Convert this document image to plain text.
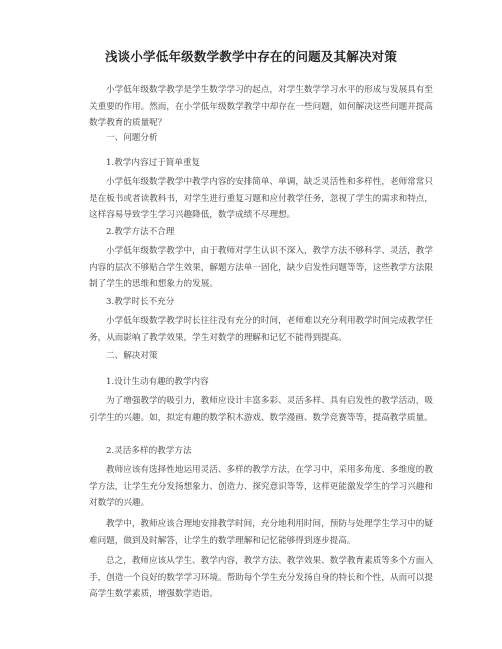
浅谈小学低年级数学教学中存在的问题及其解决对策

小学低年级数学教学是学生数学学习的起点，对学生数学学习水平的形成与发展具有至关重要的作用。然而，在小学低年级数学教学中却存在一些问题，如何解决这些问题并提高数学教育的质量呢？

一、问题分析

1.教学内容过于简单重复

小学低年级数学教学中教学内容的安排简单、单调，缺乏灵活性和多样性，老师常常只是在板书或者读教科书，对学生进行重复习题和应付教学任务，忽视了学生的需求和特点，这样容易导致学生学习兴趣降低，数学成绩不尽理想。

2.教学方法不合理

小学低年级数学教学中，由于教师对学生认识不深入，教学方法不够科学、灵活，教学内容的层次不够贴合学生效果，解题方法单一固化，缺少启发性问题等等，这些教学方法限制了学生的思维和想象力的发展。

3.教学时长不充分

小学低年级数学教学时长往往没有充分的时间，老师难以充分利用教学时间完成教学任务，从而影响了教学效果，学生对数学的理解和记忆不能得到提高。

二、解决对策

1.设计生动有趣的教学内容

为了增强教学的吸引力，教师应设计丰富多彩、灵活多样、具有启发性的教学活动，吸引学生的兴趣。如，拟定有趣的数学积木游戏、数学漫画、数学竞赛等等，提高教学质量。

2.灵活多样的教学方法

教师应该有选择性地运用灵活、多样的教学方法，在学习中，采用多角度、多维度的教学方法，让学生充分发扬想象力、创造力、探究意识等等，这样更能激发学生的学习兴趣和对数学的兴趣。

教学中，教师应该合理地安排教学时间，充分地利用时间，预防与处理学生学习中的疑难问题，做到及时解答，让学生的数学理解和记忆能够得到逐步提高。

总之，教师应该从学生、教学内容，教学方法、教学效果、数学教育素质等多个方面入手，创造一个良好的数学学习环境。帮助每个学生充分发扬自身的特长和个性，从而可以提高学生数学素质，增强数学造诣。
